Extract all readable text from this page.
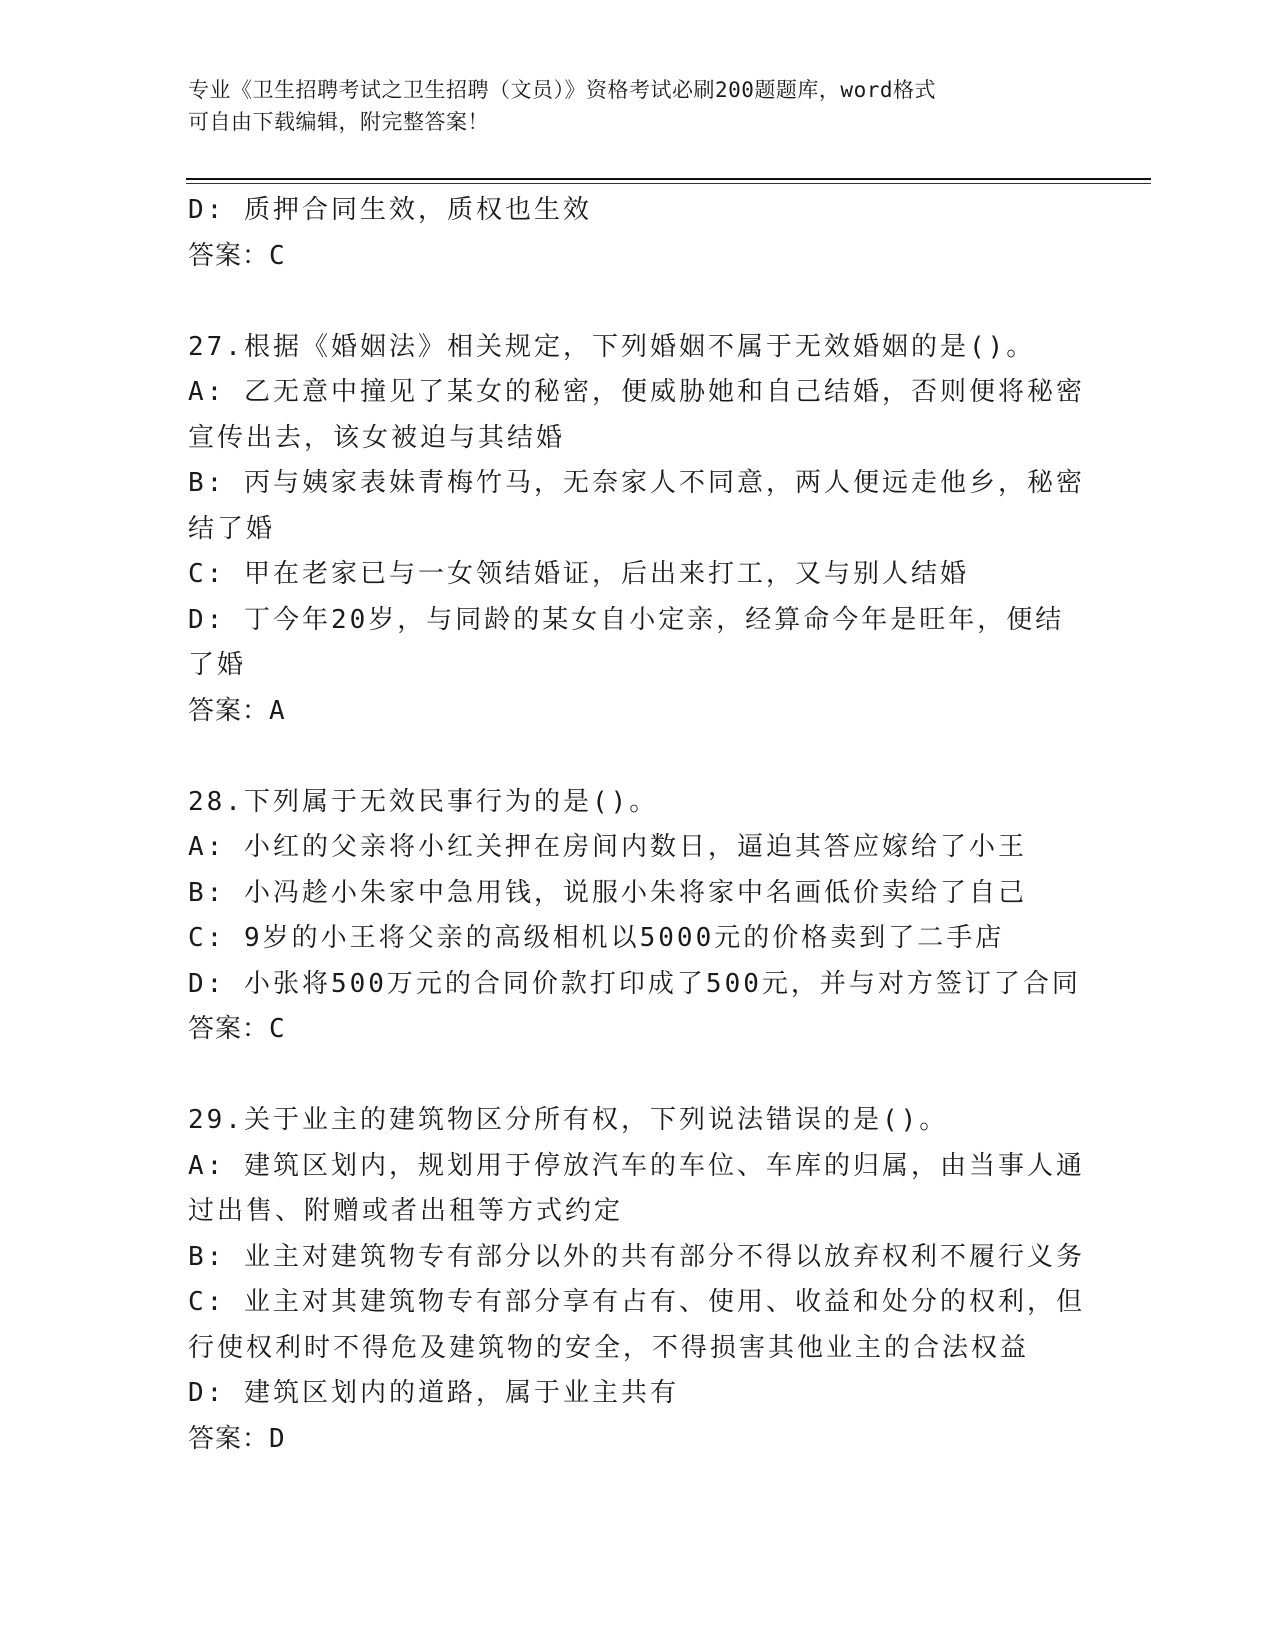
专业《卫生招聘考试之卫生招聘（文员）》资格考试必刷200题题库，word格式
可自由下载编辑，附完整答案！
D: 质押合同生效，质权也生效
答案：C
27.根据《婚姻法》相关规定，下列婚姻不属于无效婚姻的是()。
A: 乙无意中撞见了某女的秘密，便威胁她和自己结婚，否则便将秘密
宣传出去，该女被迫与其结婚
B: 丙与姨家表妹青梅竹马，无奈家人不同意，两人便远走他乡，秘密
结了婚
C: 甲在老家已与一女领结婚证，后出来打工，又与别人结婚
D: 丁今年20岁，与同龄的某女自小定亲，经算命今年是旺年，便结
了婚
答案：A
28.下列属于无效民事行为的是()。
A: 小红的父亲将小红关押在房间内数日，逼迫其答应嫁给了小王
B: 小冯趁小朱家中急用钱，说服小朱将家中名画低价卖给了自己
C: 9岁的小王将父亲的高级相机以5000元的价格卖到了二手店
D: 小张将500万元的合同价款打印成了500元，并与对方签订了合同
答案：C
29.关于业主的建筑物区分所有权，下列说法错误的是()。
A: 建筑区划内，规划用于停放汽车的车位、车库的归属，由当事人通
过出售、附赠或者出租等方式约定
B: 业主对建筑物专有部分以外的共有部分不得以放弃权利不履行义务
C: 业主对其建筑物专有部分享有占有、使用、收益和处分的权利，但
行使权利时不得危及建筑物的安全，不得损害其他业主的合法权益
D: 建筑区划内的道路，属于业主共有
答案：D
